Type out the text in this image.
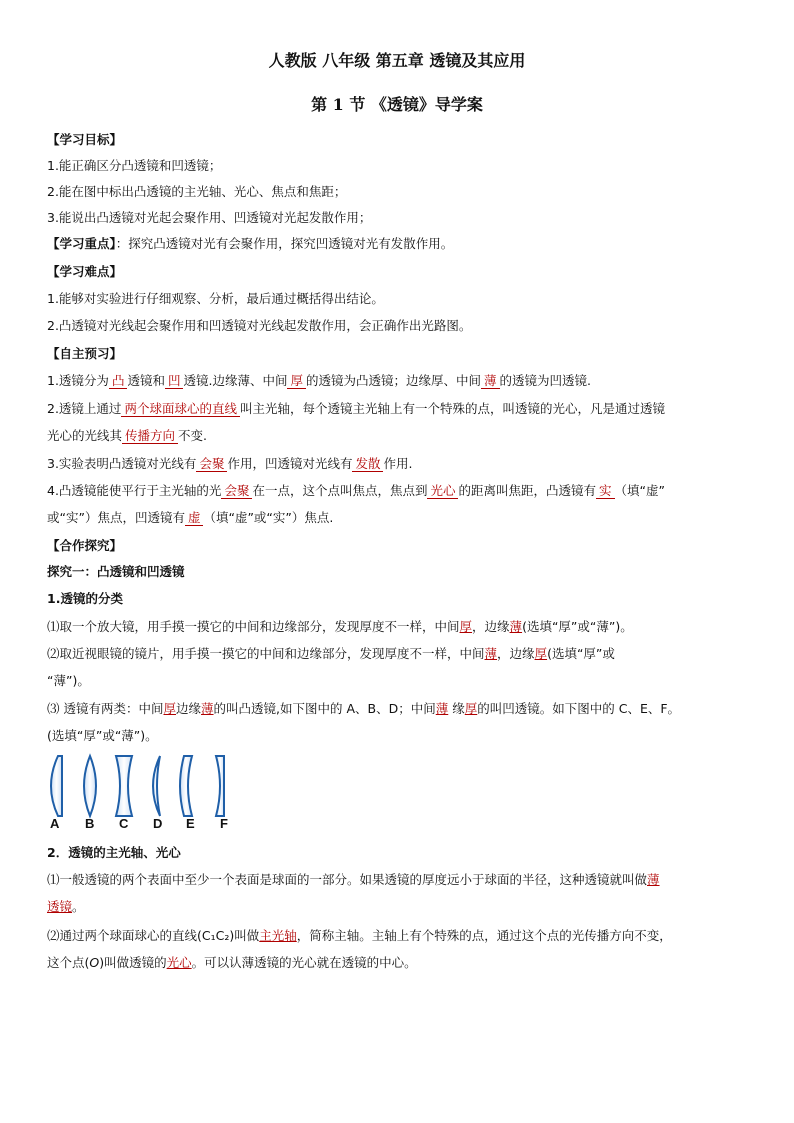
人教版 八年级 第五章 透镜及其应用
第 1 节 《透镜》导学案
【学习目标】
1.能正确区分凸透镜和凹透镜；
2.能在图中标出凸透镜的主光轴、光心、焦点和焦距；
3.能说出凸透镜对光起会聚作用、凹透镜对光起发散作用；
【学习重点】：探究凸透镜对光有会聚作用，探究凹透镜对光有发散作用。
【学习难点】
1.能够对实验进行仔细观察、分析，最后通过概括得出结论。
2.凸透镜对光线起会聚作用和凹透镜对光线起发散作用，会正确作出光路图。
【自主预习】
1.透镜分为 凸 透镜和 凹 透镜.边缘薄、中间 厚 的透镜为凸透镜；边缘厚、中间 薄 的透镜为凹透镜.
2.透镜上通过 两个球面球心的直线 叫主光轴，每个透镜主光轴上有一个特殊的点，叫透镜的光心，凡是通过透镜
光心的光线其 传播方向 不变.
3.实验表明凸透镜对光线有 会聚 作用，凹透镜对光线有 发散 作用.
4.凸透镜能使平行于主光轴的光 会聚 在一点，这个点叫焦点，焦点到 光心 的距离叫焦距，凸透镜有 实 （填“虚”
或“实”）焦点，凹透镜有 虚 （填“虚”或“实”）焦点.
【合作探究】
探究一：凸透镜和凹透镜
1.透镜的分类
⑴取一个放大镜，用手摸一摸它的中间和边缘部分，发现厚度不一样，中间厚，边缘薄(选填“厚”或“薄”)。
⑵取近视眼镜的镜片，用手摸一摸它的中间和边缘部分，发现厚度不一样，中间薄，边缘厚(选填“厚”或
“薄”)。
⑶ 透镜有两类：中间厚边缘薄的叫凸透镜,如下图中的 A、B、D；中间薄 缘厚的叫凹透镜。如下图中的 C、E、F。
(选填“厚”或“薄”)。
A B C D E F
2．透镜的主光轴、光心
⑴一般透镜的两个表面中至少一个表面是球面的一部分。如果透镜的厚度远小于球面的半径，这种透镜就叫做薄
透镜。
⑵通过两个球面球心的直线(C₁C₂)叫做主光轴，简称主轴。主轴上有个特殊的点，通过这个点的光传播方向不变，
这个点(O)叫做透镜的光心。可以认薄透镜的光心就在透镜的中心。
